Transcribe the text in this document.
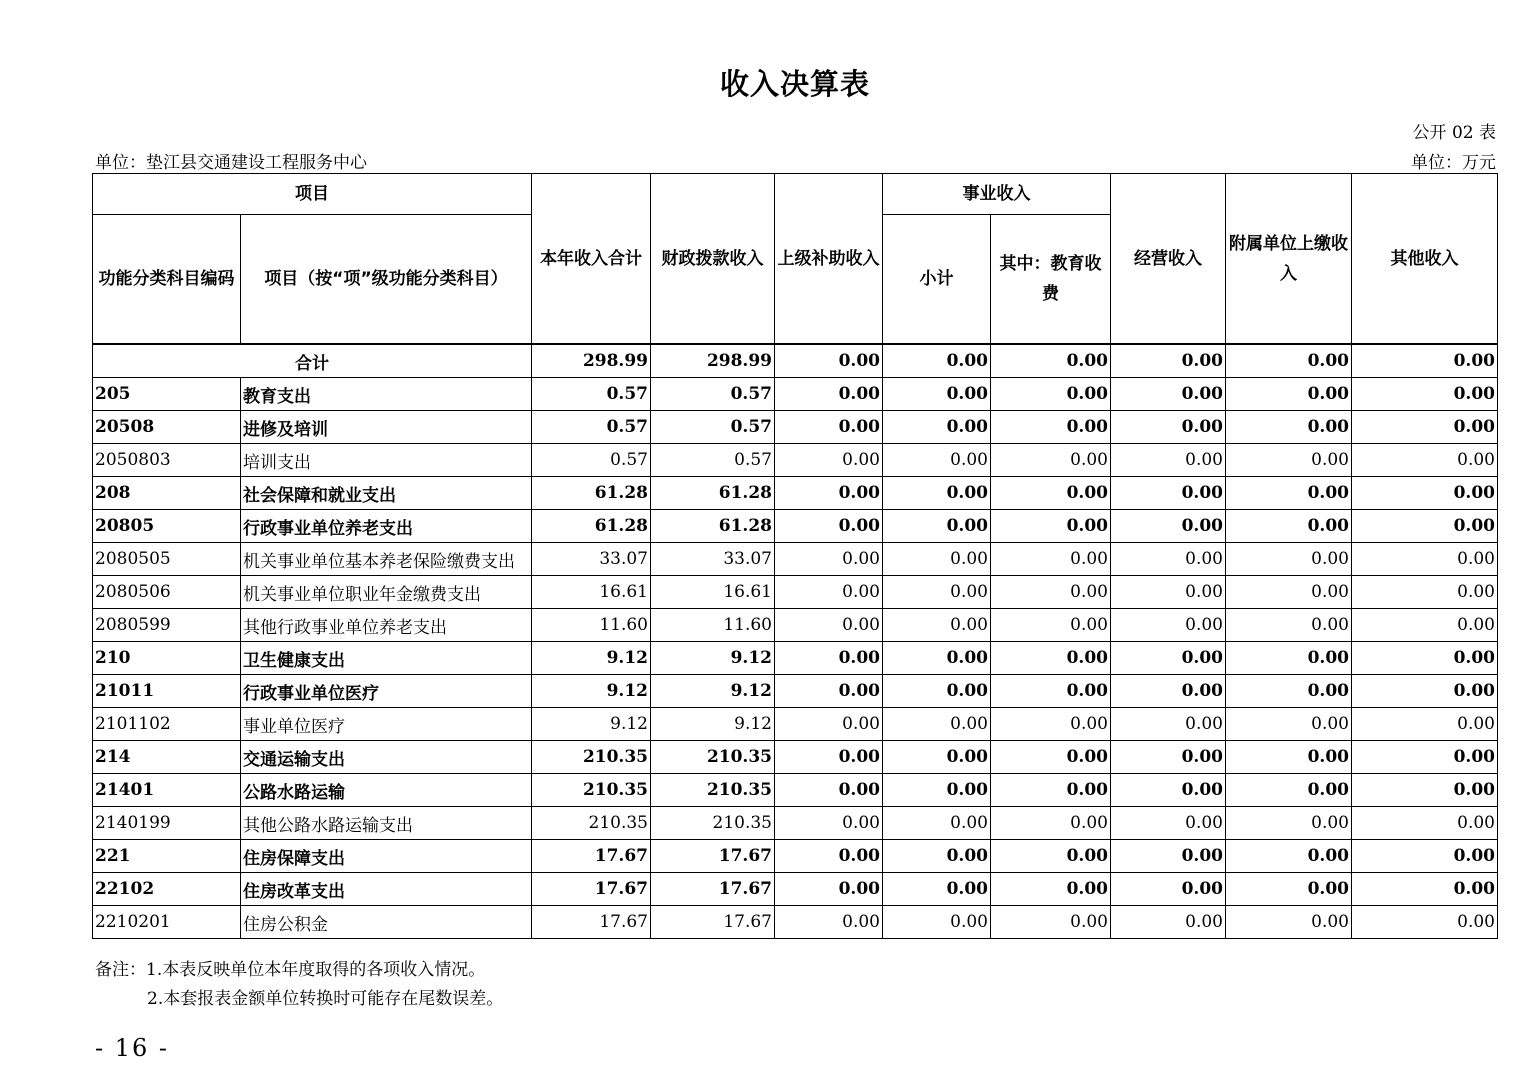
收入决算表
公开 02 表
单位：垫江县交通建设工程服务中心	单位：万元
项目		本年收入合计	财政拨款收入	上级补助收入	事业收入		经营收入	附属单位上缴收入	其他收入
功能分类科目编码	项目（按“项”级功能分类科目）				小计	其中：教育收费			
合计		298.99	298.99	0.00	0.00	0.00	0.00	0.00	0.00
205	教育支出	0.57	0.57	0.00	0.00	0.00	0.00	0.00	0.00
20508	进修及培训	0.57	0.57	0.00	0.00	0.00	0.00	0.00	0.00
2050803	培训支出	0.57	0.57	0.00	0.00	0.00	0.00	0.00	0.00
208	社会保障和就业支出	61.28	61.28	0.00	0.00	0.00	0.00	0.00	0.00
20805	行政事业单位养老支出	61.28	61.28	0.00	0.00	0.00	0.00	0.00	0.00
2080505	机关事业单位基本养老保险缴费支出	33.07	33.07	0.00	0.00	0.00	0.00	0.00	0.00
2080506	机关事业单位职业年金缴费支出	16.61	16.61	0.00	0.00	0.00	0.00	0.00	0.00
2080599	其他行政事业单位养老支出	11.60	11.60	0.00	0.00	0.00	0.00	0.00	0.00
210	卫生健康支出	9.12	9.12	0.00	0.00	0.00	0.00	0.00	0.00
21011	行政事业单位医疗	9.12	9.12	0.00	0.00	0.00	0.00	0.00	0.00
2101102	事业单位医疗	9.12	9.12	0.00	0.00	0.00	0.00	0.00	0.00
214	交通运输支出	210.35	210.35	0.00	0.00	0.00	0.00	0.00	0.00
21401	公路水路运输	210.35	210.35	0.00	0.00	0.00	0.00	0.00	0.00
2140199	其他公路水路运输支出	210.35	210.35	0.00	0.00	0.00	0.00	0.00	0.00
221	住房保障支出	17.67	17.67	0.00	0.00	0.00	0.00	0.00	0.00
22102	住房改革支出	17.67	17.67	0.00	0.00	0.00	0.00	0.00	0.00
2210201	住房公积金	17.67	17.67	0.00	0.00	0.00	0.00	0.00	0.00
备注：1.本表反映单位本年度取得的各项收入情况。
2.本套报表金额单位转换时可能存在尾数误差。
- 16 -
